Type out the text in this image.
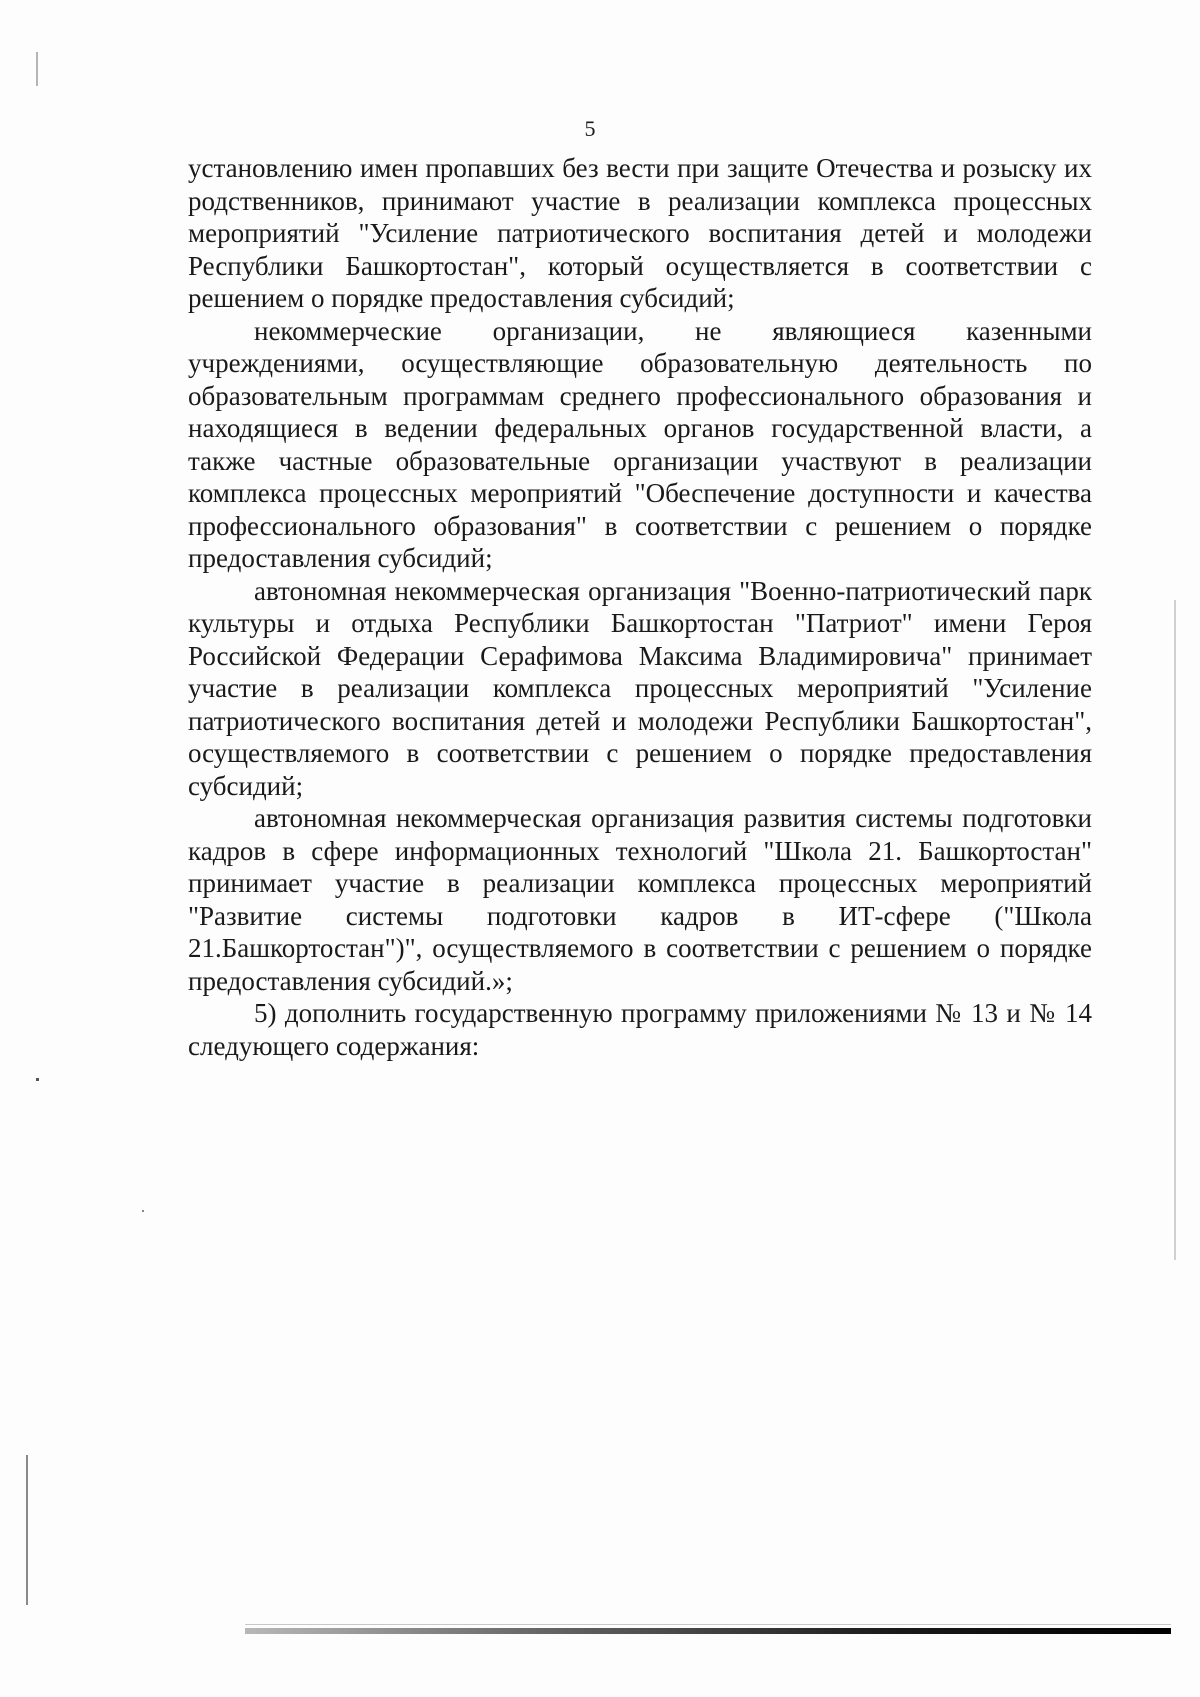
5

установлению имен пропавших без вести при защите Отечества и розыску их родственников, принимают участие в реализации комплекса процессных мероприятий "Усиление патриотического воспитания детей и молодежи Республики Башкортостан", который осуществляется в соответствии с решением о порядке предоставления субсидий;

некоммерческие организации, не являющиеся казенными учреждениями, осуществляющие образовательную деятельность по образовательным программам среднего профессионального образования и находящиеся в ведении федеральных органов государственной власти, а также частные образовательные организации участвуют в реализации комплекса процессных мероприятий "Обеспечение доступности и качества профессионального образования" в соответствии с решением о порядке предоставления субсидий;

автономная некоммерческая организация "Военно-патриотический парк культуры и отдыха Республики Башкортостан "Патриот" имени Героя Российской Федерации Серафимова Максима Владимировича" принимает участие в реализации комплекса процессных мероприятий "Усиление патриотического воспитания детей и молодежи Республики Башкортостан", осуществляемого в соответствии с решением о порядке предоставления субсидий;

автономная некоммерческая организация развития системы подготовки кадров в сфере информационных технологий "Школа 21. Башкортостан" принимает участие в реализации комплекса процессных мероприятий "Развитие системы подготовки кадров в ИТ-сфере ("Школа 21.Башкортостан")", осуществляемого в соответствии с решением о порядке предоставления субсидий.»;

5) дополнить государственную программу приложениями № 13 и № 14 следующего содержания:
